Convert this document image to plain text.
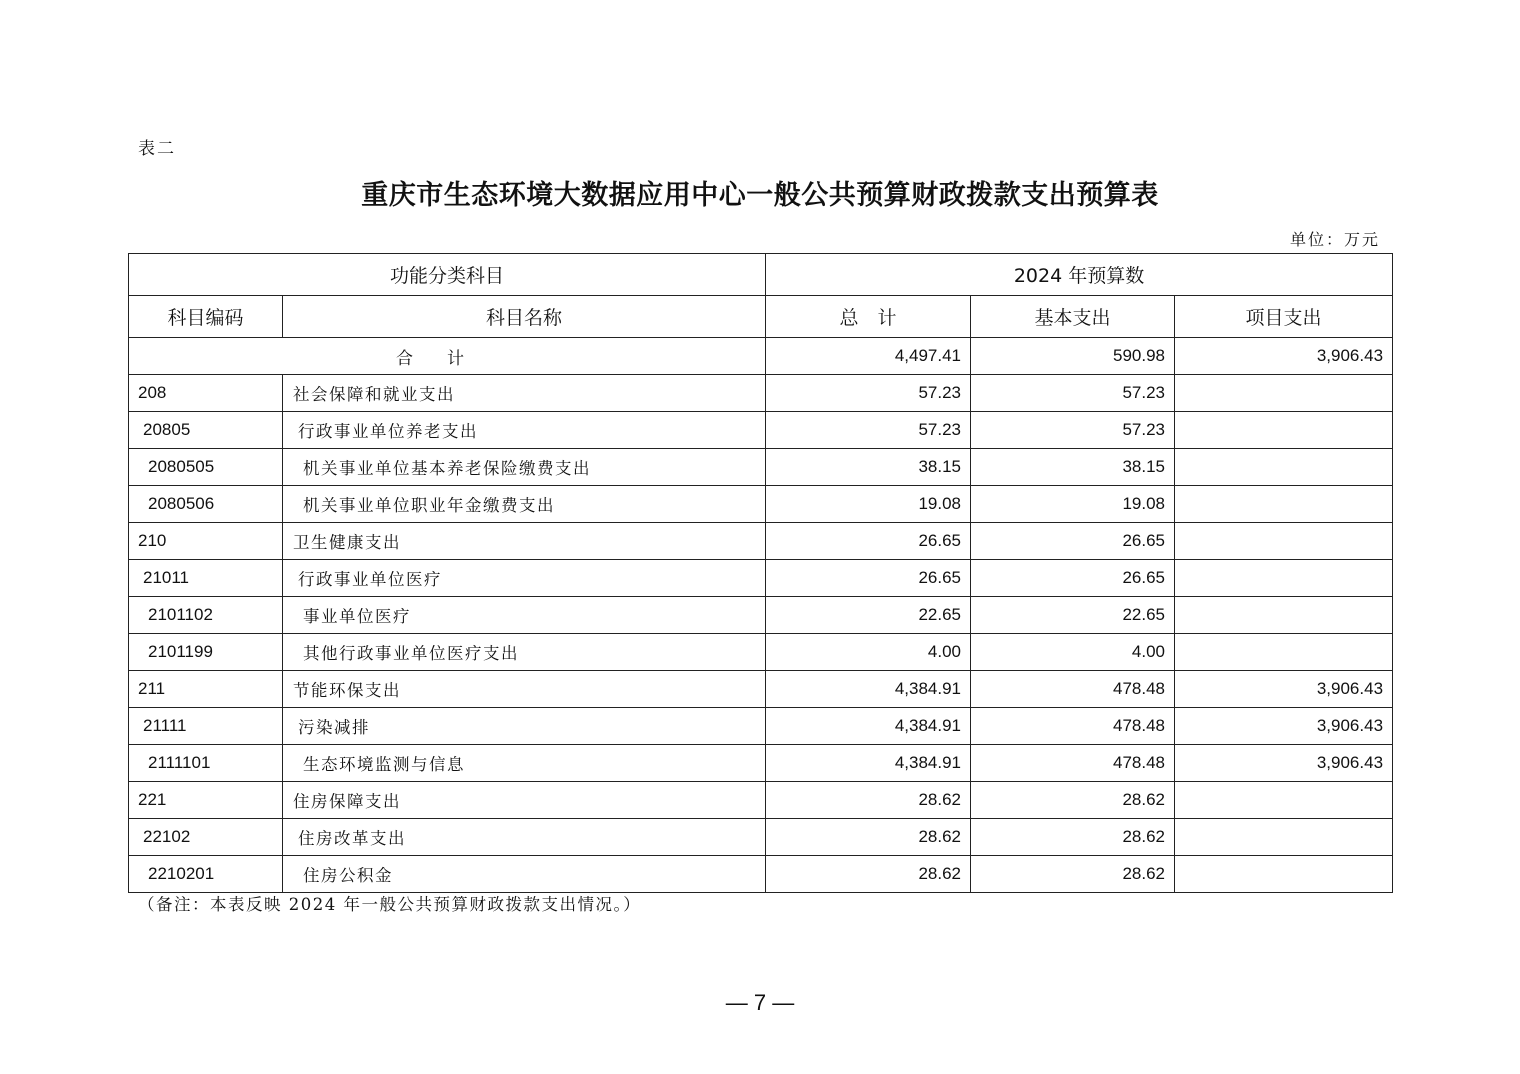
表二
重庆市生态环境大数据应用中心一般公共预算财政拨款支出预算表
单位：万元
功能分类科目		2024 年预算数		
科目编码	科目名称	总　计	基本支出	项目支出
合计		4,497.41	590.98	3,906.43
208	社会保障和就业支出	57.23	57.23	
20805	行政事业单位养老支出	57.23	57.23	
2080505	机关事业单位基本养老保险缴费支出	38.15	38.15	
2080506	机关事业单位职业年金缴费支出	19.08	19.08	
210	卫生健康支出	26.65	26.65	
21011	行政事业单位医疗	26.65	26.65	
2101102	事业单位医疗	22.65	22.65	
2101199	其他行政事业单位医疗支出	4.00	4.00	
211	节能环保支出	4,384.91	478.48	3,906.43
21111	污染减排	4,384.91	478.48	3,906.43
2111101	生态环境监测与信息	4,384.91	478.48	3,906.43
221	住房保障支出	28.62	28.62	
22102	住房改革支出	28.62	28.62	
2210201	住房公积金	28.62	28.62	
（备注：本表反映 2024 年一般公共预算财政拨款支出情况。）
— 7 —
